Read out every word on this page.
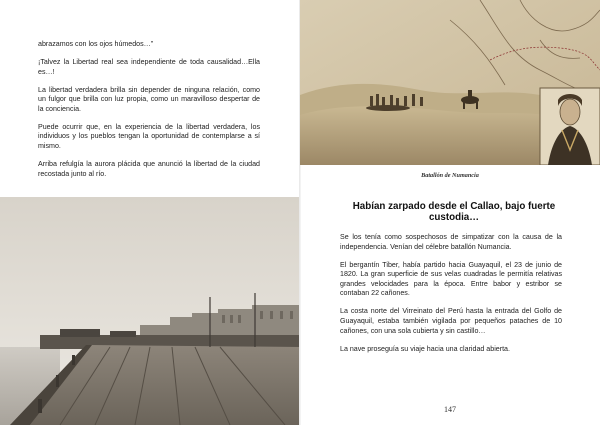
abrazamos con los ojos húmedos…”

¡Talvez la Libertad real sea independiente de toda causalidad…Ella es…!

La libertad verdadera brilla sin depender de ninguna relación, como un fulgor que brilla con luz propia, como un maravilloso despertar de la conciencia.

Puede ocurrir que, en la experiencia de la libertad verdadera, los individuos y los pueblos tengan la oportunidad de contemplarse a sí mismo.

Arriba refulgía la aurora plácida que anunció la libertad de la ciudad recostada junto al río.	Batallón de Numancia
Habían zarpado desde el Callao, bajo fuerte custodia…

Se los tenía como sospechosos de simpatizar con la causa de la independencia. Venían del célebre batallón Numancia.

El bergantín Tiber, había partido hacia Guayaquil, el 23 de junio de 1820. La gran superficie de sus velas cuadradas le permitía relativas grandes velocidades para la época. Entre babor y estribor se contaban 22 cañones.

La costa norte del Virreinato del Perú hasta la entrada del Golfo de Guayaquil, estaba también vigilada por pequeños pataches de 10 cañones, con una sola cubierta y sin castillo…

La nave proseguía su viaje hacia una claridad abierta.

147
